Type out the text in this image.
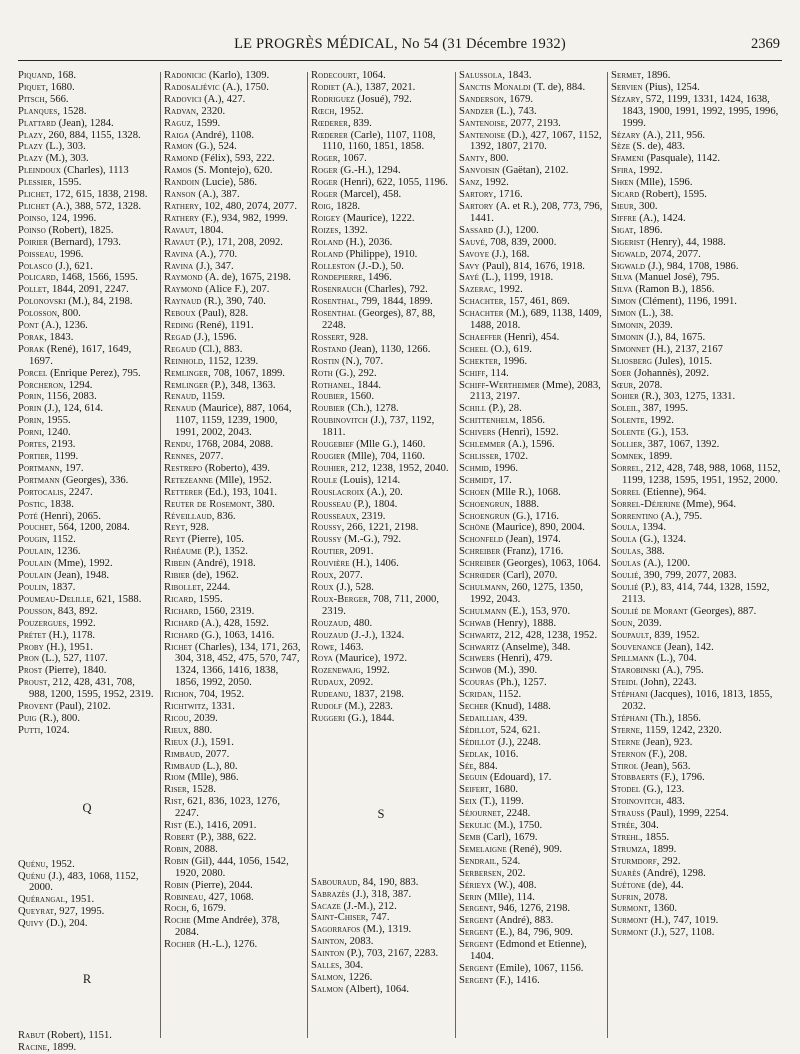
LE PROGRÈS MÉDICAL, No 54 (31 Décembre 1932)	2369
Piquand, 168.
Piquet, 1680.
Pitsch, 566.
Planques, 1528.
Plattard (Jean), 1284.
Plazy, 260, 884, 1155, 1328.
Plazy (L.), 303.
Plazy (M.), 303.
Pleindoux (Charles), 1113
Plessier, 1595.
Plichet, 172, 615, 1838, 2198.
Plichet (A.), 388, 572, 1328.
Poinso, 124, 1996.
Poinso (Robert), 1825.
Poirier (Bernard), 1793.
Poisseau, 1996.
Polasco (J.), 621.
Policard, 1468, 1566, 1595.
Pollet, 1844, 2091, 2247.
Polonovski (M.), 84, 2198.
Polosson, 800.
Pont (A.), 1236.
Porak, 1843.
Porak (René), 1617, 1649, 1697.
Porcel (Enrique Perez), 795.
Porcheron, 1294.
Porin, 1156, 2083.
Porin (J.), 124, 614.
Porin, 1955.
Porni, 1240.
Portes, 2193.
Portier, 1199.
Portmann, 197.
Portmann (Georges), 336.
Portocalis, 2247.
Postic, 1838.
Poté (Henri), 2065.
Pouchet, 564, 1200, 2084.
Pougin, 1152.
Poulain, 1236.
Poulain (Mme), 1992.
Poulain (Jean), 1948.
Poulin, 1837.
Poumeau-Delille, 621, 1588.
Pousson, 843, 892.
Pouzergues, 1992.
Prétet (H.), 1178.
Proby (H.), 1951.
Pron (L.), 527, 1107.
Prost (Pierre), 1840.
Proust, 212, 428, 431, 708, 988, 1200, 1595, 1952, 2319.
Provent (Paul), 2102.
Puig (R.), 800.
Putti, 1024.
Q
Quénu, 1952.
Quénu (J.), 483, 1068, 1152, 2000.
Quérangal, 1951.
Queyrat, 927, 1995.
Quivy (D.), 204.
R
Rabut (Robert), 1151.
Racine, 1899.
Radonicic (Karlo), 1309.
Radosaljévic (A.), 1750.
Radovici (A.), 427.
Radvan, 2320.
Raguz, 1599.
Raiga (André), 1108.
Ramon (G.), 524.
Ramond (Félix), 593, 222.
Ramos (S. Montejo), 620.
Randoin (Lucie), 586.
Ranson (A.), 387.
Rathery, 102, 480, 2074, 2077.
Rathery (F.), 934, 982, 1999.
Ravaut, 1804.
Ravaut (P.), 171, 208, 2092.
Ravina (A.), 770.
Ravina (J.), 347.
Raymond (A. de), 1675, 2198.
Raymond (Alice F.), 207.
Raynaud (R.), 390, 740.
Reboux (Paul), 828.
Reding (René), 1191.
Regad (J.), 1596.
Regaud (Cl.), 883.
Reinhold, 1152, 1239.
Remlinger, 708, 1067, 1899.
Remlinger (P.), 348, 1363.
Renaud, 1159.
Renaud (Maurice), 887, 1064, 1107, 1159, 1239, 1900, 1991, 2002, 2043.
Rendu, 1768, 2084, 2088.
Rennes, 2077.
Restrepo (Roberto), 439.
Retezeanne (Mlle), 1952.
Retterer (Ed.), 193, 1041.
Reuter de Rosemont, 380.
Réveillaud, 836.
Reyt, 928.
Reyt (Pierre), 105.
Rhéaume (P.), 1352.
Ribein (André), 1918.
Ribier (de), 1962.
Ribollet, 2244.
Ricard, 1595.
Richard, 1560, 2319.
Richard (A.), 428, 1592.
Richard (G.), 1063, 1416.
Richet (Charles), 134, 171, 263, 304, 318, 452, 475, 570, 747, 1324, 1366, 1416, 1838, 1856, 1992, 2050.
Richon, 704, 1952.
Richtwitz, 1331.
Ricou, 2039.
Rieux, 880.
Rieux (J.), 1591.
Rimbaud, 2077.
Rimbaud (L.), 80.
Riom (Mlle), 986.
Riser, 1528.
Rist, 621, 836, 1023, 1276, 2247.
Rist (E.), 1416, 2091.
Robert (P.), 388, 622.
Robin, 2088.
Robin (Gil), 444, 1056, 1542, 1920, 2080.
Robin (Pierre), 2044.
Robineau, 427, 1068.
Roch, 6, 1679.
Roche (Mme Andrée), 378, 2084.
Rocher (H.-L.), 1276.
Rodecourt, 1064.
Rodiet (A.), 1387, 2021.
Rodriguez (Josué), 792.
Rœch, 1952.
Rœderer, 839.
Rœderer (Carle), 1107, 1108, 1110, 1160, 1851, 1858.
Roger, 1067.
Roger (G.-H.), 1294.
Roger (Henri), 622, 1055, 1196.
Roger (Marcel), 458.
Roig, 1828.
Roigey (Maurice), 1222.
Roizes, 1392.
Roland (H.), 2036.
Roland (Philippe), 1910.
Rolleston (J.-D.), 50.
Rondepierre, 1496.
Rosenrauch (Charles), 792.
Rosenthal, 799, 1844, 1899.
Rosenthal (Georges), 87, 88, 2248.
Rossert, 928.
Rostand (Jean), 1130, 1266.
Rostin (N.), 707.
Roth (G.), 292.
Rothanel, 1844.
Roubier, 1560.
Roubier (Ch.), 1278.
Roubinovitch (J.), 737, 1192, 1811.
Rougebief (Mlle G.), 1460.
Rougier (Mlle), 704, 1160.
Rouhier, 212, 1238, 1952, 2040.
Roule (Louis), 1214.
Rouslacroix (A.), 20.
Rousseau (P.), 1804.
Rousseaux, 2319.
Roussy, 266, 1221, 2198.
Roussy (M.-G.), 792.
Routier, 2091.
Rouvière (H.), 1406.
Roux, 2077.
Roux (J.), 528.
Roux-Berger, 708, 711, 2000, 2319.
Rouzaud, 480.
Rouzaud (J.-J.), 1324.
Rowe, 1463.
Roya (Maurice), 1972.
Rozenewajg, 1992.
Rudaux, 2092.
Rudeanu, 1837, 2198.
Rudolf (M.), 2283.
Ruggeri (G.), 1844.
S
Sabouraud, 84, 190, 883.
Sabrazès (J.), 318, 387.
Sacaze (J.-M.), 212.
Saint-Chiser, 747.
Sagorrafos (M.), 1319.
Sainton, 2083.
Sainton (P.), 703, 2167, 2283.
Salles, 304.
Salmon, 1226.
Salmon (Albert), 1064.
Salussola, 1843.
Sanctis Monaldi (T. de), 884.
Sanderson, 1679.
Sandzer (L.), 743.
Santenoise, 2077, 2193.
Santenoise (D.), 427, 1067, 1152, 1392, 1807, 2170.
Santy, 800.
Sanvoisin (Gaëtan), 2102.
Sanz, 1992.
Sartory, 1716.
Sartory (A. et R.), 208, 773, 796, 1441.
Sassard (J.), 1200.
Sauvé, 708, 839, 2000.
Savoye (J.), 168.
Savy (Paul), 814, 1676, 1918.
Sayé (L.), 1199, 1918.
Sazerac, 1992.
Schachter, 157, 461, 869.
Schachter (M.), 689, 1138, 1409, 1488, 2018.
Schaeffer (Henri), 454.
Scheel (O.), 619.
Schekter, 1996.
Schiff, 114.
Schiff-Wertheimer (Mme), 2083, 2113, 2197.
Schill (P.), 28.
Schittenhelm, 1856.
Schivers (Henri), 1592.
Schlemmer (A.), 1596.
Schlisser, 1702.
Schmid, 1996.
Schmidt, 17.
Schoen (Mlle R.), 1068.
Schoengrun, 1888.
Schoengrun (G.), 1716.
Schöne (Maurice), 890, 2004.
Schonfeld (Jean), 1974.
Schreiber (Franz), 1716.
Schreiber (Georges), 1063, 1064.
Schrœder (Carl), 2070.
Schulmann, 260, 1275, 1350, 1992, 2043.
Schulmann (E.), 153, 970.
Schwab (Henry), 1888.
Schwartz, 212, 428, 1238, 1952.
Schwartz (Anselme), 348.
Schwers (Henri), 479.
Schwob (M.), 390.
Scouras (Ph.), 1257.
Scridan, 1152.
Secher (Knud), 1488.
Sedaillian, 439.
Sédillot, 524, 621.
Sédillot (J.), 2248.
Sedlak, 1016.
Sée, 884.
Seguin (Edouard), 17.
Seifert, 1680.
Seix (T.), 1199.
Séjournet, 2248.
Sekulic (M.), 1750.
Semb (Carl), 1679.
Semelaigne (René), 909.
Sendrail, 524.
Serbersen, 202.
Sérieyx (W.), 408.
Serin (Mlle), 114.
Sergent, 946, 1276, 2198.
Sergent (André), 883.
Sergent (E.), 84, 796, 909.
Sergent (Edmond et Etienne), 1404.
Sergent (Emile), 1067, 1156.
Sergent (F.), 1416.
Sermet, 1896.
Servien (Pius), 1254.
Sézary, 572, 1199, 1331, 1424, 1638, 1843, 1900, 1991, 1992, 1995, 1996, 1999.
Sézary (A.), 211, 956.
Sèze (S. de), 483.
Sfameni (Pasquale), 1142.
Sfira, 1992.
Shœn (Mlle), 1596.
Sicard (Robert), 1595.
Sieur, 300.
Siffre (A.), 1424.
Sigat, 1896.
Sigerist (Henry), 44, 1988.
Sigwald, 2074, 2077.
Sigwald (J.), 984, 1708, 1986.
Silva (Manuel José), 795.
Silva (Ramon B.), 1856.
Simon (Clément), 1196, 1991.
Simon (L.), 38.
Simonin, 2039.
Simonin (J.), 84, 1675.
Simonnet (H.), 2137, 2167
Sliosberg (Jules), 1015.
Soer (Johannès), 2092.
Sœur, 2078.
Sohier (R.), 303, 1275, 1331.
Soleil, 387, 1995.
Solente, 1992.
Solente (G.), 153.
Sollier, 387, 1067, 1392.
Somnek, 1899.
Sorrel, 212, 428, 748, 988, 1068, 1152, 1199, 1238, 1595, 1951, 1952, 2000.
Sorrel (Etienne), 964.
Sorrel-Déjerine (Mme), 964.
Sorrentino (A.), 795.
Soula, 1394.
Soula (G.), 1324.
Soulas, 388.
Soulas (A.), 1200.
Soulié, 390, 799, 2077, 2083.
Soulié (P.), 83, 414, 744, 1328, 1592, 2113.
Soulié de Morant (Georges), 887.
Soun, 2039.
Soupault, 839, 1952.
Souvenance (Jean), 142.
Spillmann (L.), 704.
Starobinski (A.), 795.
Steidl (John), 2243.
Stéphani (Jacques), 1016, 1813, 1855, 2032.
Stéphani (Th.), 1856.
Sterne, 1159, 1242, 2320.
Sterne (Jean), 923.
Sternon (F.), 208.
Stirol (Jean), 563.
Stobbaerts (F.), 1796.
Stodel (G.), 123.
Stoinovitch, 483.
Strauss (Paul), 1999, 2254.
Strée, 304.
Strehl, 1855.
Strumza, 1899.
Sturmdorf, 292.
Suarès (André), 1298.
Suétone (de), 44.
Sufrin, 2078.
Surmont, 1360.
Surmont (H.), 747, 1019.
Surmont (J.), 527, 1108.
